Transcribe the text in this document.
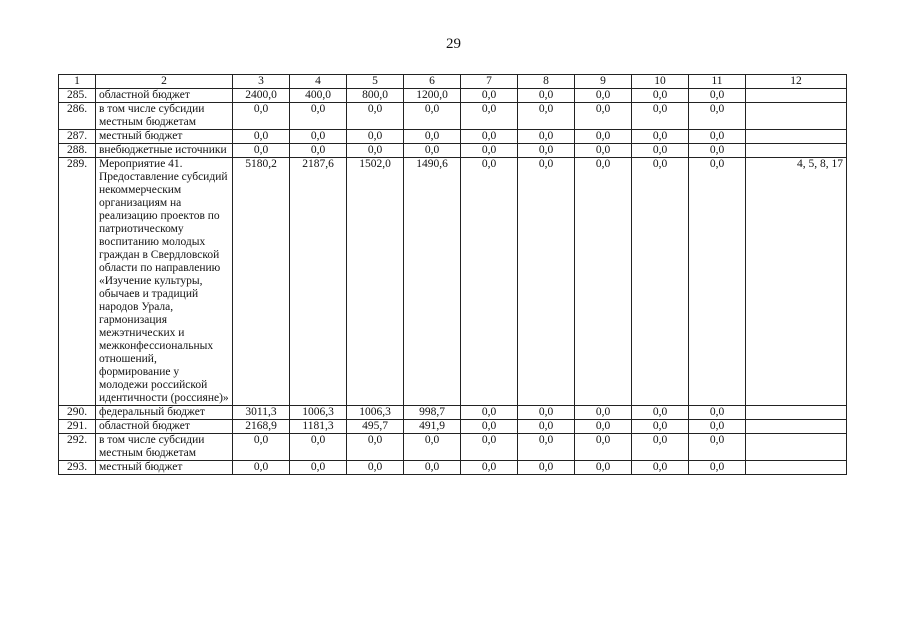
29
1	2	3	4	5	6	7	8	9	10	11	12
285.	областной бюджет	2400,0	400,0	800,0	1200,0	0,0	0,0	0,0	0,0	0,0	
286.	в том числе субсидии местным бюджетам	0,0	0,0	0,0	0,0	0,0	0,0	0,0	0,0	0,0	
287.	местный бюджет	0,0	0,0	0,0	0,0	0,0	0,0	0,0	0,0	0,0	
288.	внебюджетные источники	0,0	0,0	0,0	0,0	0,0	0,0	0,0	0,0	0,0	
289.	Мероприятие 41. Предоставление субсидий некоммерческим организациям на реализацию проектов по патриотическому воспитанию молодых граждан в Свердловской области по направлению «Изучение культуры, обычаев и традиций народов Урала, гармонизация межэтнических и межконфессиональных отношений, формирование у молодежи российской идентичности (россияне)»	5180,2	2187,6	1502,0	1490,6	0,0	0,0	0,0	0,0	0,0	4, 5, 8, 17
290.	федеральный бюджет	3011,3	1006,3	1006,3	998,7	0,0	0,0	0,0	0,0	0,0	
291.	областной бюджет	2168,9	1181,3	495,7	491,9	0,0	0,0	0,0	0,0	0,0	
292.	в том числе субсидии местным бюджетам	0,0	0,0	0,0	0,0	0,0	0,0	0,0	0,0	0,0	
293.	местный бюджет	0,0	0,0	0,0	0,0	0,0	0,0	0,0	0,0	0,0	
